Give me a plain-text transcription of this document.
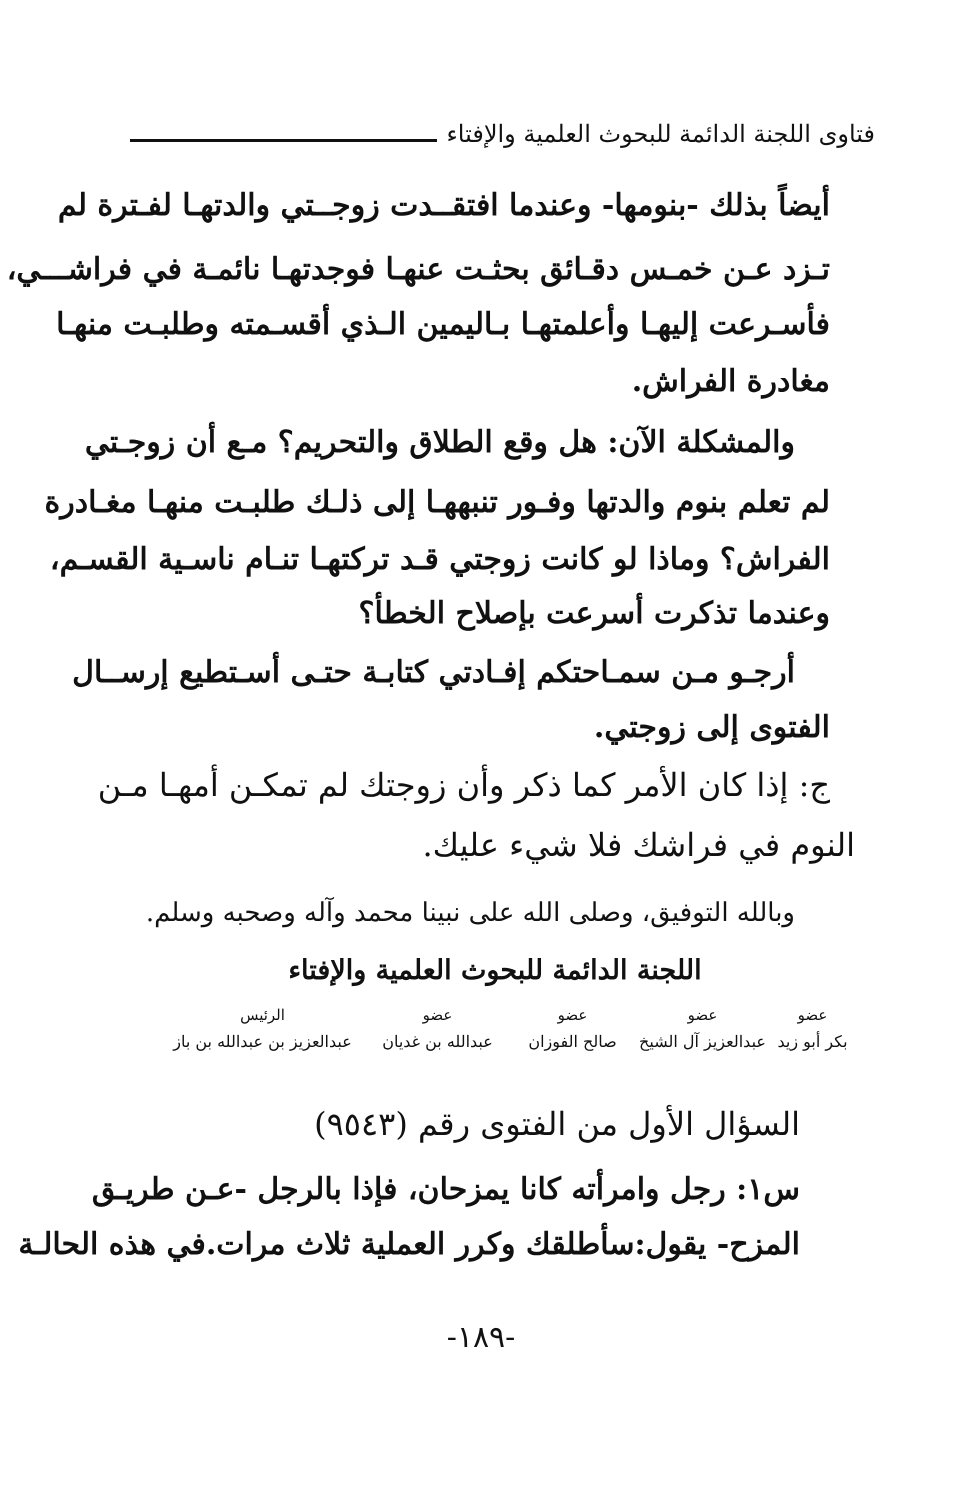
فتاوى اللجنة الدائمة للبحوث العلمية والإفتاء
أيضاً بذلك -بنومها- وعندما افتقــدت زوجــتي والدتهـا لفـترة لم
تـزد عـن خمـس دقـائق بحثـت عنهـا فوجدتهـا نائمـة في فراشـــي،
فأسـرعت إليهـا وأعلمتهـا بـاليمين الـذي أقسـمته وطلبـت منهـا
مغادرة الفراش.
والمشكلة الآن: هل وقع الطلاق والتحريم؟ مـع أن زوجـتي
لم تعلم بنوم والدتها وفـور تنبههـا إلى ذلـك طلبـت منهـا مغـادرة
الفراش؟ وماذا لو كانت زوجتي قـد تركتهـا تنـام ناسـية القسـم،
وعندما تذكرت أسرعت بإصلاح الخطأ؟
أرجـو مـن سمـاحتكم إفـادتي كتابـة حتـى أسـتطيع إرســال
الفتوى إلى زوجتي.
ج: إذا كان الأمر كما ذكر وأن زوجتك لم تمكـن أمهـا مـن
النوم في فراشك فلا شيء عليك.
وبالله التوفيق، وصلى الله على نبينا محمد وآله وصحبه وسلم.
اللجنة الدائمة للبحوث العلمية والإفتاء
عضو
بكر أبو زيد
عضو
عبدالعزيز آل الشيخ
عضو
صالح الفوزان
عضو
عبدالله بن غديان
الرئيس
عبدالعزيز بن عبدالله بن باز
السؤال الأول من الفتوى رقم (٩٥٤٣)
س١: رجل وامرأته كانا يمزحان، فإذا بالرجل -عـن طريـق
المزح- يقول:سأطلقك وكرر العملية ثلاث مرات.في هذه الحالـة
-١٨٩-
